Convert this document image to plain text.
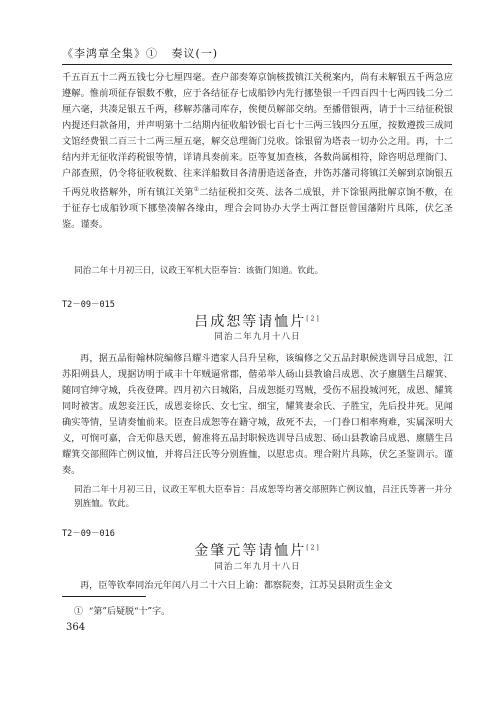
《李鸿章全集》① 奏议(一)

千五百五十二两五钱七分七厘四毫。查户部奏筹京饷核拨镇江关税案内，尚有未解银五千两急应遵解。惟前项征存银数不敷，应于各结征存七成船钞内先行挪垫银一千四百四十七两四钱二分二厘六毫，共凑足银五千两，移解苏藩司库存，俟便员解部交纳。至播借银两，请于十三结征税银内提还归款备用，并声明第十二结期内征收船钞银七百七十三两三钱四分五厘，按数遵拨三成同文馆经费银二百三十二两三厘五毫，解交总理衙门兑收。馀银留为塔表一切办公之用。再，十二结内并无征收洋药税银等情，详请具奏前来。臣等复加查核，各数尚属相符，除咨明总理衙门、户部查照，仍令将征收税数、往来洋船数目各清册造送备查，并饬苏藩司将镇江关解到京饷银五千两兑收搭解外，所有镇江关第①二结征税扣交英、法各二成银，并下馀银两批解京饷不敷，在于征存七成船钞项下挪垫凑解各缘由，理合会同协办大学士两江督臣曾国藩附片具陈，伏乞圣鉴。谨奏。

同治二年十月初三日，议政王军机大臣奉旨：该衙门知道。钦此。

T2－09－015
吕成恕等请恤片[2]
同治二年九月十八日

再，据五品衔翰林院编修吕耀斗遣家人吕升呈称，该编修之父五品封职候选训导吕成恕，江苏阳朔县人，现据访明于咸丰十年贼逼常郡，偕弟举人砀山县教谕吕成恩、次子廪膳生吕耀箕、随同官绅守城，兵夜登陴。四月初六日城陷，吕成恕挺刃骂贼，受伤不屈投城河死，成恩、耀箕同时被害。成恕妾汪氏，成恩妾徐氏、女七宝、细宝，耀箕妻余氏、子胜宝，先后投井死。见闻确实等情，呈请奏恤前来。臣查吕成恕等在籍守城，敌死不去，一门眷口相率殉难，实属深明大义，可悯可嘉，合无仰恳天恩，俯准将五品封职候选训导吕成恕、砀山县教谕吕成恩、廪膳生吕耀箕交部照阵亡例议恤，并将吕汪氏等分别旌恤，以慰忠贞。理合附片具陈，伏乞圣鉴训示。谨奏。

同治二年十月初三日，议政王军机大臣奉旨：吕成恕等均著交部照阵亡例议恤，吕汪氏等著一并分别旌恤。钦此。

T2－09－016
金肇元等请恤片[2]
同治二年九月十八日

再，臣等钦奉同治元年闰八月二十六日上谕：都察院奏，江苏吴县附贡生金文

① “第”后疑脱“十”字。
364
